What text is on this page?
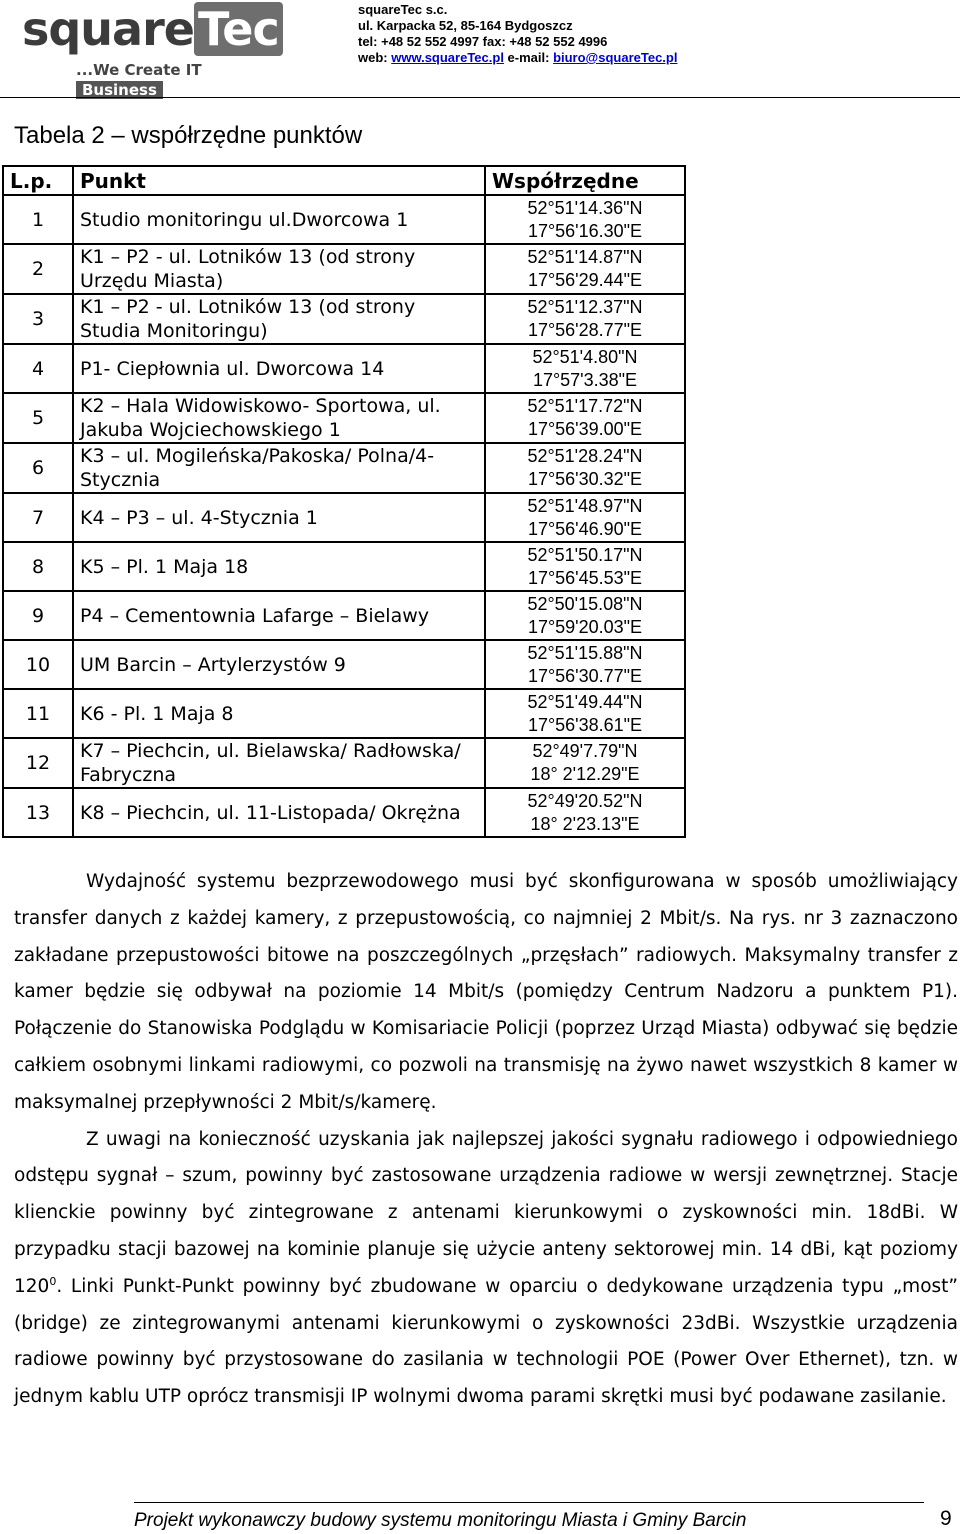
squareTec
...We Create IT Business
squareTec s.c.
ul. Karpacka 52, 85-164 Bydgoszcz
tel: +48 52 552 4997 fax: +48 52 552 4996
web: www.squareTec.pl e-mail: biuro@squareTec.pl
Tabela 2 – współrzędne punktów
L.p.	Punkt	Współrzędne
1	Studio monitoringu ul.Dworcowa 1	52°51'14.36"N
17°56'16.30"E

2	K1 – P2 - ul. Lotników 13 (od strony Urzędu Miasta)	52°51'14.87"N
17°56'29.44"E

3	K1 – P2 - ul. Lotników 13 (od strony Studia Monitoringu)	52°51'12.37"N
17°56'28.77"E

4	P1- Ciepłownia ul. Dworcowa 14	52°51'4.80"N
17°57'3.38"E

5	K2 – Hala Widowiskowo- Sportowa, ul. Jakuba Wojciechowskiego 1	52°51'17.72"N
17°56'39.00"E

6	K3 – ul. Mogileńska/Pakoska/ Polna/4-Stycznia	52°51'28.24"N
17°56'30.32"E

7	K4 – P3 – ul. 4-Stycznia 1	52°51'48.97"N
17°56'46.90"E

8	K5 – Pl. 1 Maja 18	52°51'50.17"N
17°56'45.53"E

9	P4 – Cementownia Lafarge – Bielawy	52°50'15.08"N
17°59'20.03"E

10	UM Barcin – Artylerzystów 9	52°51'15.88"N
17°56'30.77"E

11	K6 - Pl. 1 Maja 8	52°51'49.44"N
17°56'38.61"E

12	K7 – Piechcin, ul. Bielawska/ Radłowska/ Fabryczna	52°49'7.79"N
18° 2'12.29"E

13	K8 – Piechcin, ul. 11-Listopada/ Okrężna	52°49'20.52"N
18° 2'23.13"E

Wydajność systemu bezprzewodowego musi być skonfigurowana w sposób umożliwiający transfer danych z każdej kamery, z przepustowością, co najmniej 2 Mbit/s. Na rys. nr 3 zaznaczono zakładane przepustowości bitowe na poszczególnych „przęsłach” radiowych. Maksymalny transfer z kamer będzie się odbywał na poziomie 14 Mbit/s (pomiędzy Centrum Nadzoru a punktem P1). Połączenie do Stanowiska Podglądu w Komisariacie Policji (poprzez Urząd Miasta) odbywać się będzie całkiem osobnymi linkami radiowymi, co pozwoli na transmisję na żywo nawet wszystkich 8 kamer w maksymalnej przepływności 2 Mbit/s/kamerę.

Z uwagi na konieczność uzyskania jak najlepszej jakości sygnału radiowego i odpowiedniego odstępu sygnał – szum, powinny być zastosowane urządzenia radiowe w wersji zewnętrznej. Stacje klienckie powinny być zintegrowane z antenami kierunkowymi o zyskowności min. 18dBi. W przypadku stacji bazowej na kominie planuje się użycie anteny sektorowej min. 14 dBi, kąt poziomy $120^0$. Linki Punkt-Punkt powinny być zbudowane w oparciu o dedykowane urządzenia typu „most” (bridge) ze zintegrowanymi antenami kierunkowymi o zyskowności 23dBi. Wszystkie urządzenia radiowe powinny być przystosowane do zasilania w technologii POE (Power Over Ethernet), tzn. w jednym kablu UTP oprócz transmisji IP wolnymi dwoma parami skrętki musi być podawane zasilanie.

Projekt wykonawczy budowy systemu monitoringu Miasta i Gminy Barcin	9
